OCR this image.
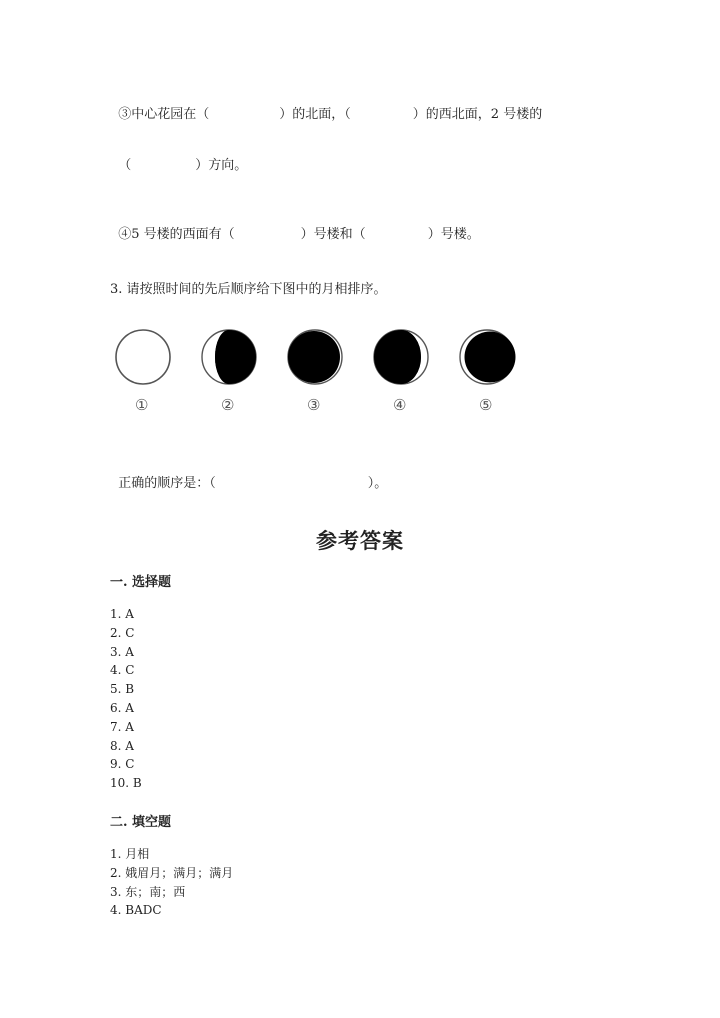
③中心花园在（	）的北面，（	）的西北面，2 号楼的

（	）方向。

④5 号楼的西面有（	）号楼和（	）号楼。

3. 请按照时间的先后顺序给下图中的月相排序。
①	②	③	④	⑤

正确的顺序是：（	）。

参考答案
一. 选择题
1. A
2. C
3. A
4. C
5. B
6. A
7. A
8. A
9. C
10. B
二. 填空题
1. 月相
2. 娥眉月；满月；满月
3. 东；南；西
4. BADC
